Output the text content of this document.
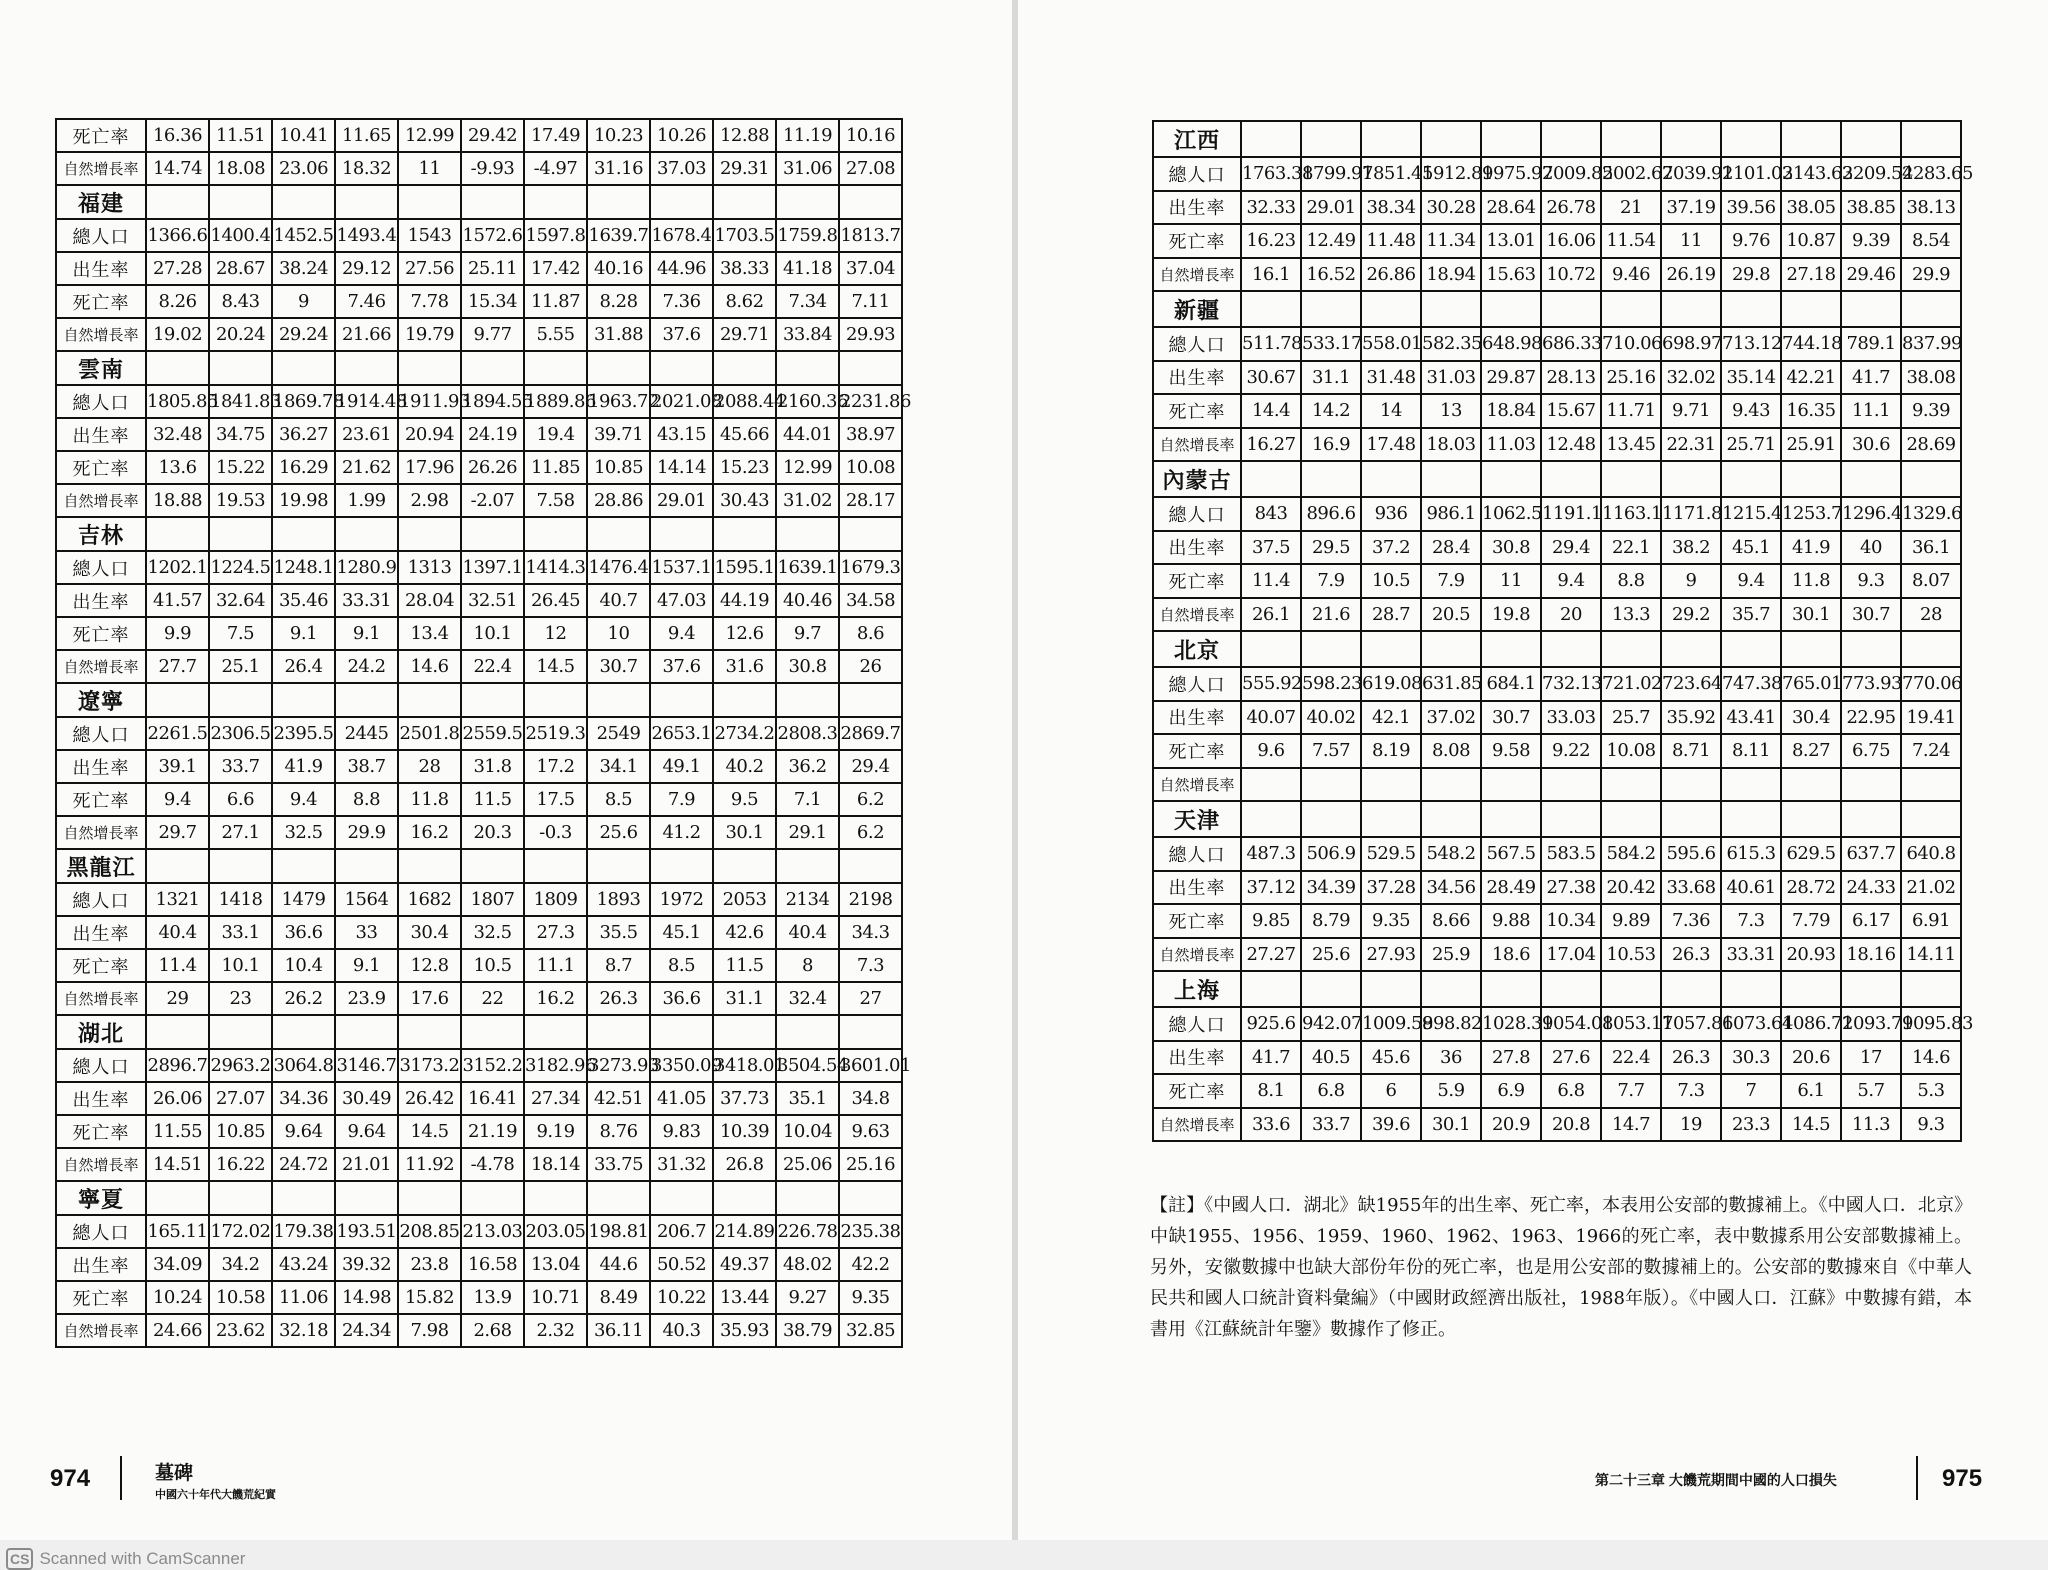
死亡率	16.36	11.51	10.41	11.65	12.99	29.42	17.49	10.23	10.26	12.88	11.19	10.16
自然增長率	14.74	18.08	23.06	18.32	11	-9.93	-4.97	31.16	37.03	29.31	31.06	27.08
福建												
總人口	1366.6	1400.4	1452.5	1493.4	1543	1572.6	1597.8	1639.7	1678.4	1703.5	1759.8	1813.7
出生率	27.28	28.67	38.24	29.12	27.56	25.11	17.42	40.16	44.96	38.33	41.18	37.04
死亡率	8.26	8.43	9	7.46	7.78	15.34	11.87	8.28	7.36	8.62	7.34	7.11
自然增長率	19.02	20.24	29.24	21.66	19.79	9.77	5.55	31.88	37.6	29.71	33.84	29.93
雲南												
總人口	1805.85	1841.83	1869.78	1914.48	1911.93	1894.55	1889.86	1963.72	2021.08	2088.44	2160.36	2231.86
出生率	32.48	34.75	36.27	23.61	20.94	24.19	19.4	39.71	43.15	45.66	44.01	38.97
死亡率	13.6	15.22	16.29	21.62	17.96	26.26	11.85	10.85	14.14	15.23	12.99	10.08
自然增長率	18.88	19.53	19.98	1.99	2.98	-2.07	7.58	28.86	29.01	30.43	31.02	28.17
吉林												
總人口	1202.1	1224.5	1248.1	1280.9	1313	1397.1	1414.3	1476.4	1537.1	1595.1	1639.1	1679.3
出生率	41.57	32.64	35.46	33.31	28.04	32.51	26.45	40.7	47.03	44.19	40.46	34.58
死亡率	9.9	7.5	9.1	9.1	13.4	10.1	12	10	9.4	12.6	9.7	8.6
自然增長率	27.7	25.1	26.4	24.2	14.6	22.4	14.5	30.7	37.6	31.6	30.8	26
遼寧												
總人口	2261.5	2306.5	2395.5	2445	2501.8	2559.5	2519.3	2549	2653.1	2734.2	2808.3	2869.7
出生率	39.1	33.7	41.9	38.7	28	31.8	17.2	34.1	49.1	40.2	36.2	29.4
死亡率	9.4	6.6	9.4	8.8	11.8	11.5	17.5	8.5	7.9	9.5	7.1	6.2
自然增長率	29.7	27.1	32.5	29.9	16.2	20.3	-0.3	25.6	41.2	30.1	29.1	6.2
黑龍江												
總人口	1321	1418	1479	1564	1682	1807	1809	1893	1972	2053	2134	2198
出生率	40.4	33.1	36.6	33	30.4	32.5	27.3	35.5	45.1	42.6	40.4	34.3
死亡率	11.4	10.1	10.4	9.1	12.8	10.5	11.1	8.7	8.5	11.5	8	7.3
自然增長率	29	23	26.2	23.9	17.6	22	16.2	26.3	36.6	31.1	32.4	27
湖北												
總人口	2896.7	2963.2	3064.8	3146.7	3173.2	3152.2	3182.96	3273.93	3350.09	3418.01	3504.54	3601.01
出生率	26.06	27.07	34.36	30.49	26.42	16.41	27.34	42.51	41.05	37.73	35.1	34.8
死亡率	11.55	10.85	9.64	9.64	14.5	21.19	9.19	8.76	9.83	10.39	10.04	9.63
自然增長率	14.51	16.22	24.72	21.01	11.92	-4.78	18.14	33.75	31.32	26.8	25.06	25.16
寧夏												
總人口	165.11	172.02	179.38	193.51	208.85	213.03	203.05	198.81	206.7	214.89	226.78	235.38
出生率	34.09	34.2	43.24	39.32	23.8	16.58	13.04	44.6	50.52	49.37	48.02	42.2
死亡率	10.24	10.58	11.06	14.98	15.82	13.9	10.71	8.49	10.22	13.44	9.27	9.35
自然增長率	24.66	23.62	32.18	24.34	7.98	2.68	2.32	36.11	40.3	35.93	38.79	32.85
江西												
總人口	1763.38	1799.97	1851.45	1912.89	1975.97	2009.85	2002.67	2039.91	2101.03	2143.63	2209.54	2283.65
出生率	32.33	29.01	38.34	30.28	28.64	26.78	21	37.19	39.56	38.05	38.85	38.13
死亡率	16.23	12.49	11.48	11.34	13.01	16.06	11.54	11	9.76	10.87	9.39	8.54
自然增長率	16.1	16.52	26.86	18.94	15.63	10.72	9.46	26.19	29.8	27.18	29.46	29.9
新疆												
總人口	511.78	533.17	558.01	582.35	648.98	686.33	710.06	698.97	713.12	744.18	789.1	837.99
出生率	30.67	31.1	31.48	31.03	29.87	28.13	25.16	32.02	35.14	42.21	41.7	38.08
死亡率	14.4	14.2	14	13	18.84	15.67	11.71	9.71	9.43	16.35	11.1	9.39
自然增長率	16.27	16.9	17.48	18.03	11.03	12.48	13.45	22.31	25.71	25.91	30.6	28.69
內蒙古												
總人口	843	896.6	936	986.1	1062.5	1191.1	1163.1	1171.8	1215.4	1253.7	1296.4	1329.6
出生率	37.5	29.5	37.2	28.4	30.8	29.4	22.1	38.2	45.1	41.9	40	36.1
死亡率	11.4	7.9	10.5	7.9	11	9.4	8.8	9	9.4	11.8	9.3	8.07
自然增長率	26.1	21.6	28.7	20.5	19.8	20	13.3	29.2	35.7	30.1	30.7	28
北京												
總人口	555.92	598.23	619.08	631.85	684.1	732.13	721.02	723.64	747.38	765.01	773.93	770.06
出生率	40.07	40.02	42.1	37.02	30.7	33.03	25.7	35.92	43.41	30.4	22.95	19.41
死亡率	9.6	7.57	8.19	8.08	9.58	9.22	10.08	8.71	8.11	8.27	6.75	7.24
自然增長率												
天津												
總人口	487.3	506.9	529.5	548.2	567.5	583.5	584.2	595.6	615.3	629.5	637.7	640.8
出生率	37.12	34.39	37.28	34.56	28.49	27.38	20.42	33.68	40.61	28.72	24.33	21.02
死亡率	9.85	8.79	9.35	8.66	9.88	10.34	9.89	7.36	7.3	7.79	6.17	6.91
自然增長率	27.27	25.6	27.93	25.9	18.6	17.04	10.53	26.3	33.31	20.93	18.16	14.11
上海												
總人口	925.6	942.07	1009.58	998.82	1028.39	1054.08	1053.17	1057.86	1073.64	1086.72	1093.79	1095.83
出生率	41.7	40.5	45.6	36	27.8	27.6	22.4	26.3	30.3	20.6	17	14.6
死亡率	8.1	6.8	6	5.9	6.9	6.8	7.7	7.3	7	6.1	5.7	5.3
自然增長率	33.6	33.7	39.6	30.1	20.9	20.8	14.7	19	23.3	14.5	11.3	9.3
【註】《中國人口．湖北》缺1955年的出生率、死亡率，本表用公安部的數據補上。《中國人口．北京》中缺1955、1956、1959、1960、1962、1963、1966的死亡率，表中數據系用公安部數據補上。另外，安徽數據中也缺大部份年份的死亡率，也是用公安部的數據補上的。公安部的數據來自《中華人民共和國人口統計資料彙編》（中國財政經濟出版社，1988年版）。《中國人口．江蘇》中數據有錯，本書用《江蘇統計年鑒》數據作了修正。
974	墓碑
中國六十年代大饑荒紀實
第二十三章 大饑荒期間中國的人口損失	975
CS Scanned with CamScanner
